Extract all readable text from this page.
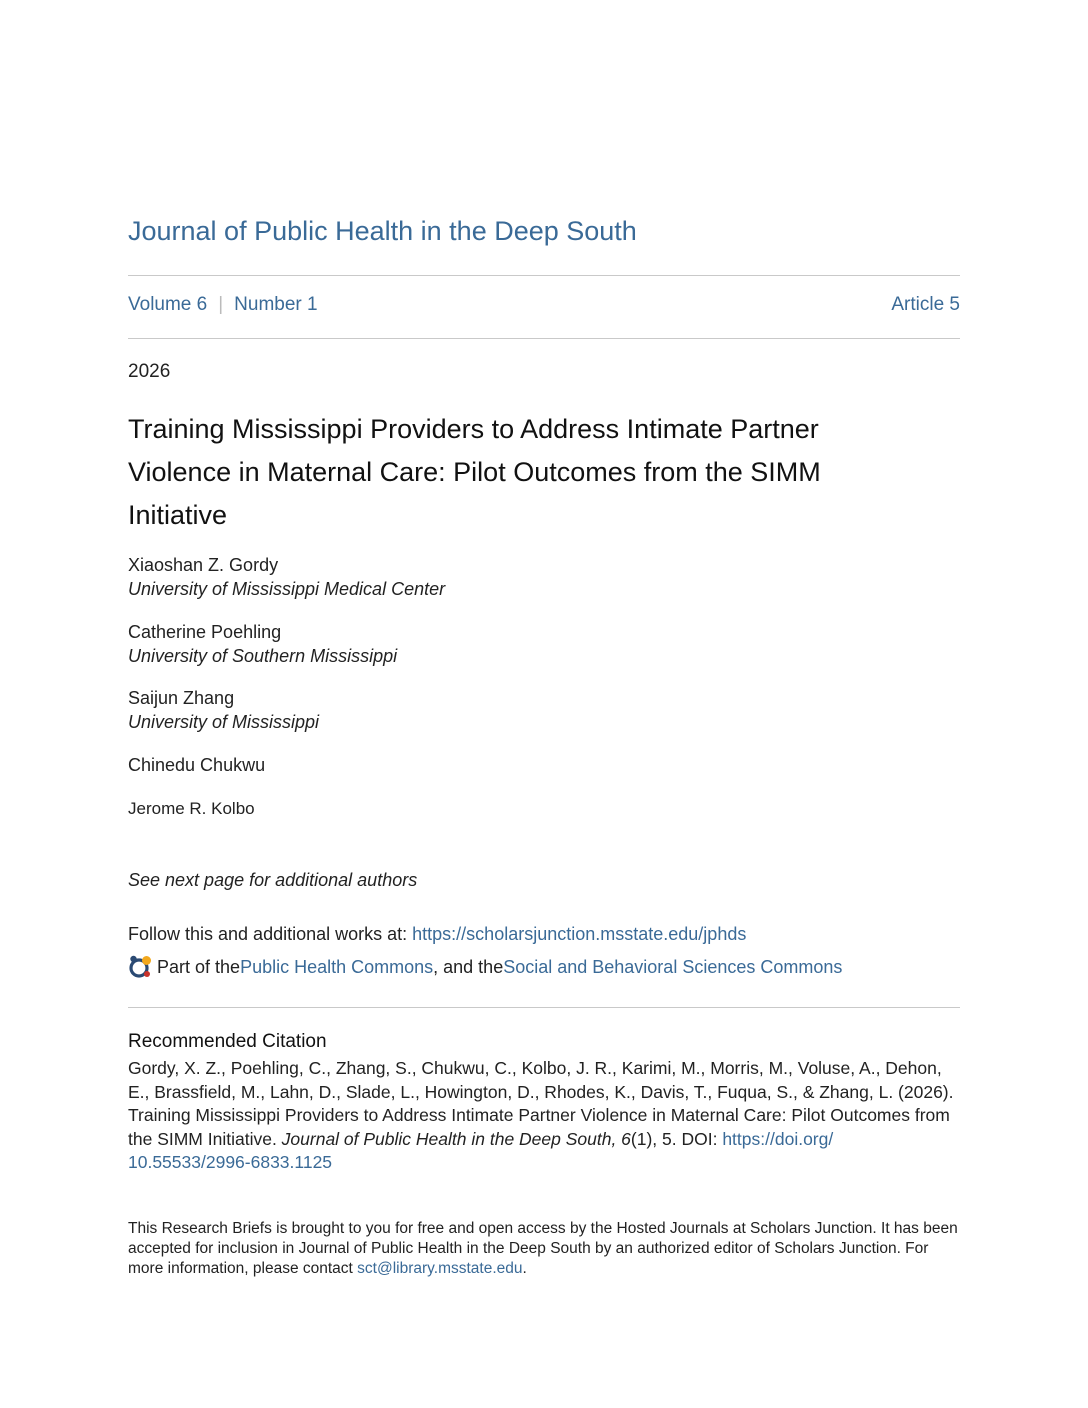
Journal of Public Health in the Deep South
Volume 6 | Number 1	Article 5
2026
Training Mississippi Providers to Address Intimate Partner Violence in Maternal Care: Pilot Outcomes from the SIMM Initiative
Xiaoshan Z. Gordy
University of Mississippi Medical Center
Catherine Poehling
University of Southern Mississippi
Saijun Zhang
University of Mississippi
Chinedu Chukwu
Jerome R. Kolbo
See next page for additional authors
Follow this and additional works at: https://scholarsjunction.msstate.edu/jphds
Part of the Public Health Commons , and the Social and Behavioral Sciences Commons
Recommended Citation
Gordy, X. Z., Poehling, C., Zhang, S., Chukwu, C., Kolbo, J. R., Karimi, M., Morris, M., Voluse, A., Dehon, E., Brassfield, M., Lahn, D., Slade, L., Howington, D., Rhodes, K., Davis, T., Fuqua, S., & Zhang, L. (2026). Training Mississippi Providers to Address Intimate Partner Violence in Maternal Care: Pilot Outcomes from the SIMM Initiative. Journal of Public Health in the Deep South, 6(1), 5. DOI: https://doi.org/
10.55533/2996-6833.1125
This Research Briefs is brought to you for free and open access by the Hosted Journals at Scholars Junction. It has been accepted for inclusion in Journal of Public Health in the Deep South by an authorized editor of Scholars Junction. For more information, please contact sct@library.msstate.edu.
